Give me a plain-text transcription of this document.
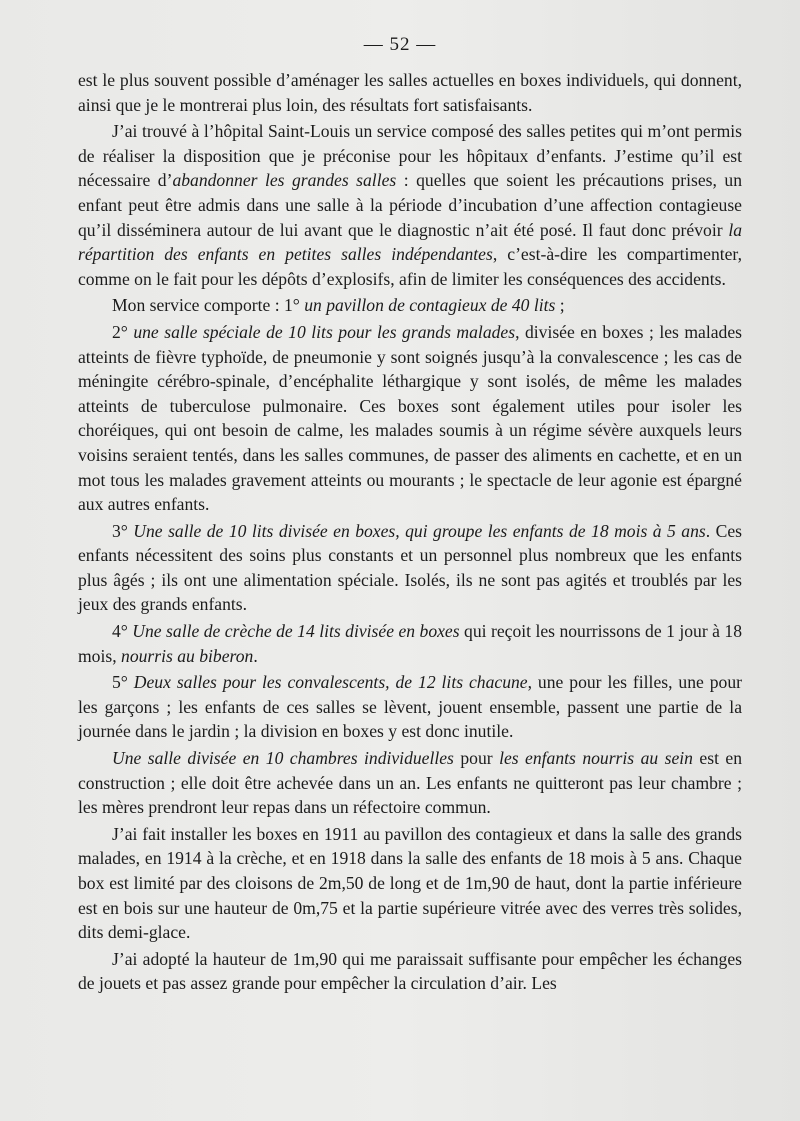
— 52 —

est le plus souvent possible d’aménager les salles actuelles en boxes individuels, qui donnent, ainsi que je le montrerai plus loin, des résultats fort satisfaisants.

J’ai trouvé à l’hôpital Saint-Louis un service composé des salles petites qui m’ont permis de réaliser la disposition que je préconise pour les hôpitaux d’enfants. J’estime qu’il est nécessaire d’abandonner les grandes salles : quelles que soient les précautions prises, un enfant peut être admis dans une salle à la période d’incubation d’une affection contagieuse qu’il disséminera autour de lui avant que le diagnostic n’ait été posé. Il faut donc prévoir la répartition des enfants en petites salles indépendantes, c’est-à-dire les compartimenter, comme on le fait pour les dépôts d’explosifs, afin de limiter les conséquences des accidents.

Mon service comporte : 1° un pavillon de contagieux de 40 lits ;

2° une salle spéciale de 10 lits pour les grands malades, divisée en boxes ; les malades atteints de fièvre typhoïde, de pneumonie y sont soignés jusqu’à la convalescence ; les cas de méningite cérébro-spinale, d’encéphalite léthargique y sont isolés, de même les malades atteints de tuberculose pulmonaire. Ces boxes sont également utiles pour isoler les choréiques, qui ont besoin de calme, les malades soumis à un régime sévère auxquels leurs voisins seraient tentés, dans les salles communes, de passer des aliments en cachette, et en un mot tous les malades gravement atteints ou mourants ; le spectacle de leur agonie est épargné aux autres enfants.

3° Une salle de 10 lits divisée en boxes, qui groupe les enfants de 18 mois à 5 ans. Ces enfants nécessitent des soins plus constants et un personnel plus nombreux que les enfants plus âgés ; ils ont une alimentation spéciale. Isolés, ils ne sont pas agités et troublés par les jeux des grands enfants.

4° Une salle de crèche de 14 lits divisée en boxes qui reçoit les nourrissons de 1 jour à 18 mois, nourris au biberon.

5° Deux salles pour les convalescents, de 12 lits chacune, une pour les filles, une pour les garçons ; les enfants de ces salles se lèvent, jouent ensemble, passent une partie de la journée dans le jardin ; la division en boxes y est donc inutile.

Une salle divisée en 10 chambres individuelles pour les enfants nourris au sein est en construction ; elle doit être achevée dans un an. Les enfants ne quitteront pas leur chambre ; les mères prendront leur repas dans un réfectoire commun.

J’ai fait installer les boxes en 1911 au pavillon des contagieux et dans la salle des grands malades, en 1914 à la crèche, et en 1918 dans la salle des enfants de 18 mois à 5 ans. Chaque box est limité par des cloisons de 2m,50 de long et de 1m,90 de haut, dont la partie inférieure est en bois sur une hauteur de 0m,75 et la partie supérieure vitrée avec des verres très solides, dits demi-glace.

J’ai adopté la hauteur de 1m,90 qui me paraissait suffisante pour empêcher les échanges de jouets et pas assez grande pour empêcher la circulation d’air. Les
